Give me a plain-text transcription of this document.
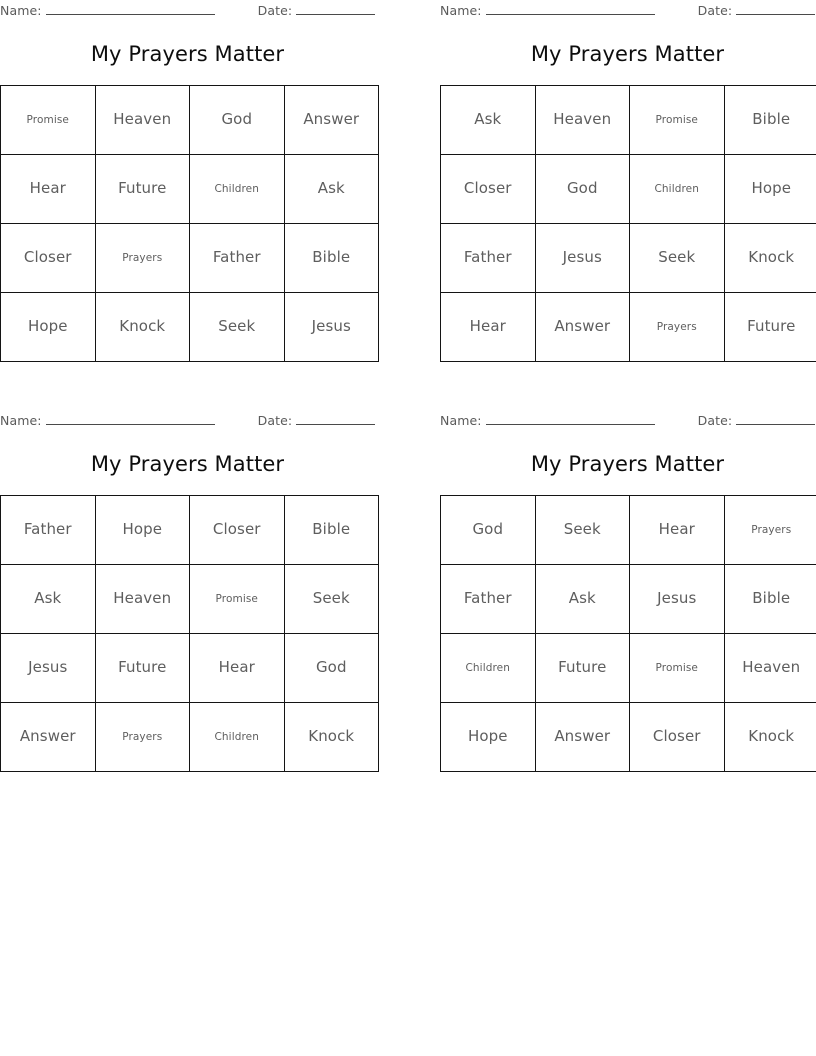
Name:	Date:
My Prayers Matter
Promise	Heaven	God	Answer
Hear	Future	Children	Ask
Closer	Prayers	Father	Bible
Hope	Knock	Seek	Jesus
Name:	Date:
My Prayers Matter
Ask	Heaven	Promise	Bible
Closer	God	Children	Hope
Father	Jesus	Seek	Knock
Hear	Answer	Prayers	Future
Name:	Date:
My Prayers Matter
Father	Hope	Closer	Bible
Ask	Heaven	Promise	Seek
Jesus	Future	Hear	God
Answer	Prayers	Children	Knock
Name:	Date:
My Prayers Matter
God	Seek	Hear	Prayers
Father	Ask	Jesus	Bible
Children	Future	Promise	Heaven
Hope	Answer	Closer	Knock
